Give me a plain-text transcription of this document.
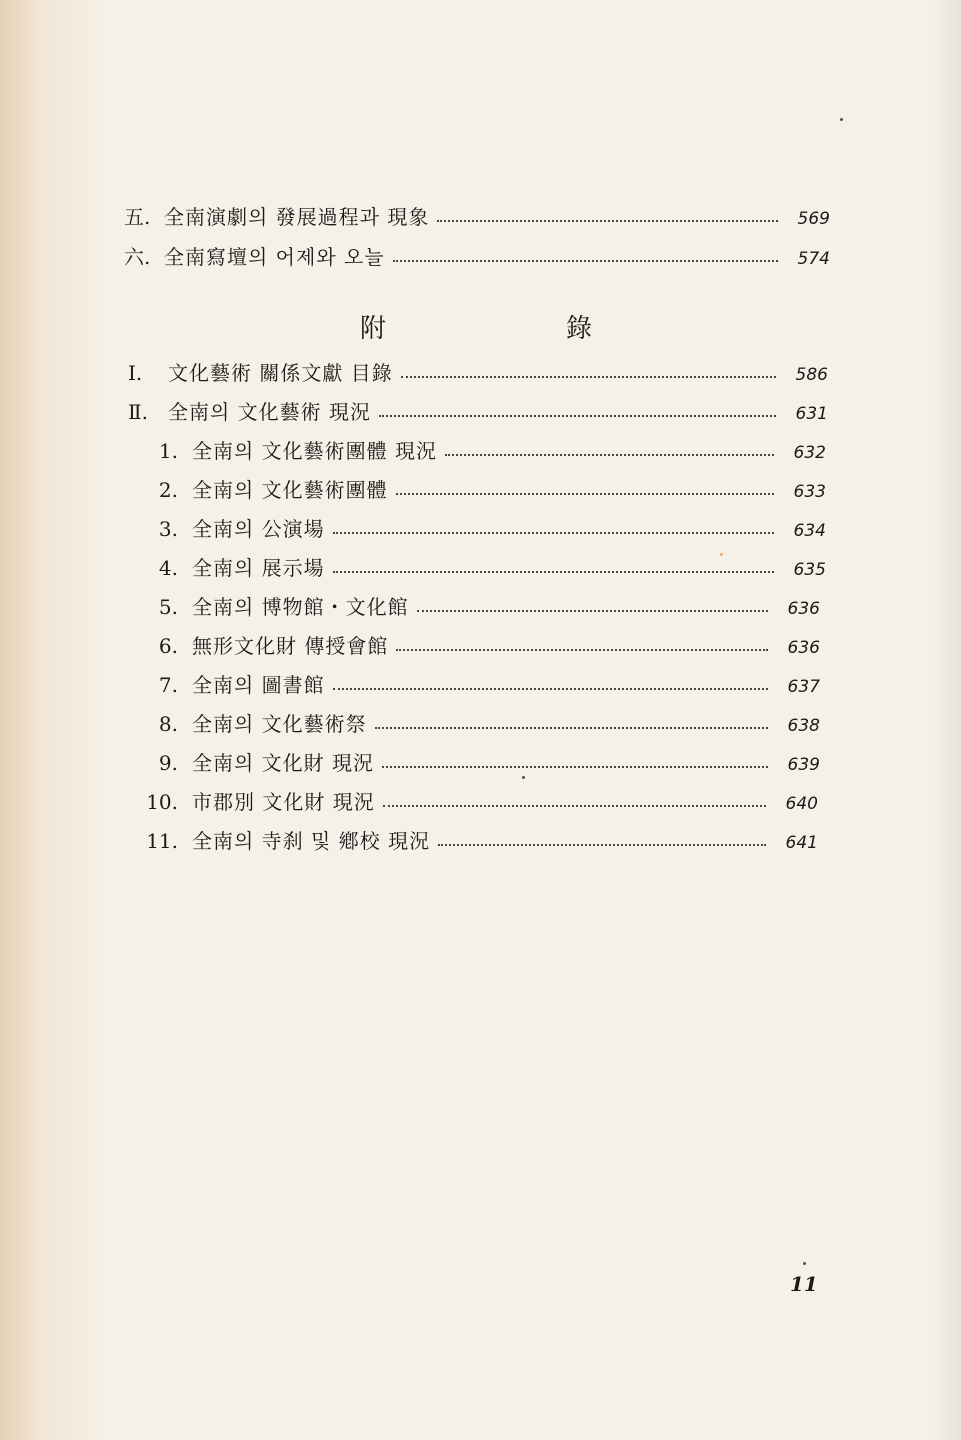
五. 全南演劇의 發展過程과 現象	569
六. 全南寫壇의 어제와 오늘	574
附	錄
Ⅰ.	文化藝術 關係文獻 目錄	586
Ⅱ.	全南의 文化藝術 現況	631
1. 全南의 文化藝術團體 現況	632
2. 全南의 文化藝術團體	633
3. 全南의 公演場	634
4. 全南의 展示場	635
5. 全南의 博物館・文化館	636
6. 無形文化財 傳授會館	636
7. 全南의 圖書館	637
8. 全南의 文化藝術祭	638
9. 全南의 文化財 現況	639
10. 市郡別 文化財 現況	640
11. 全南의 寺刹 및 鄕校 現況	641
11
